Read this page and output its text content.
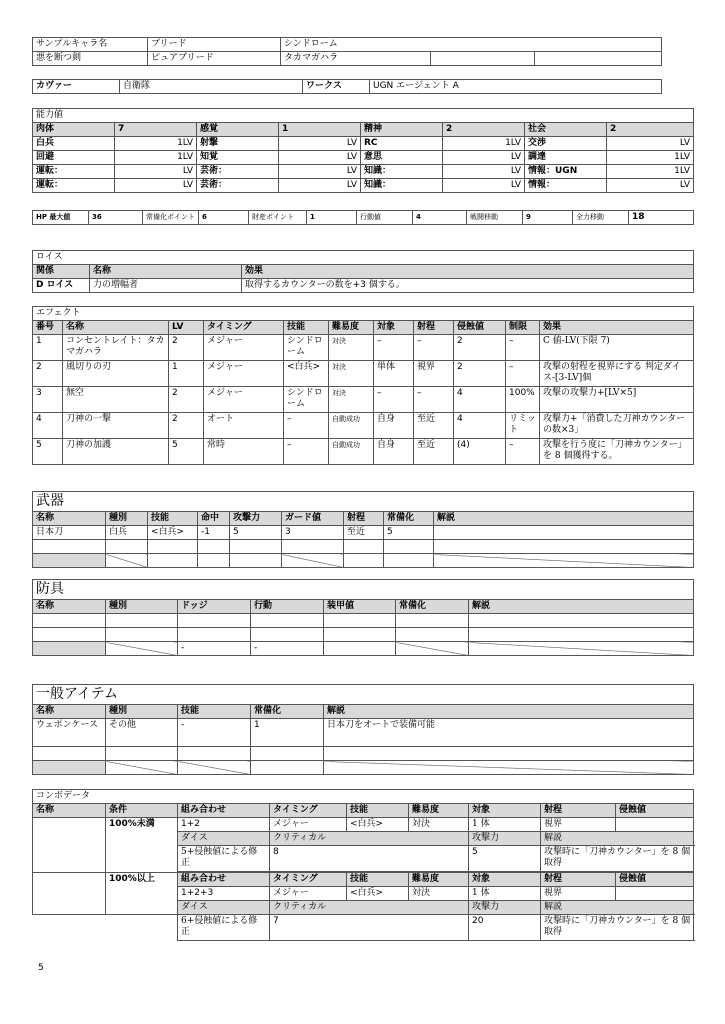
サンプルキャラ名	ブリード	シンドローム		
悪を断つ剣	ピュアブリード	タカマガハラ		
カヴァー	自衛隊	ワークス	UGN エージェント A
能力値							
肉体	7	感覚	1	精神	2	社会	2
白兵	1LV	射撃	LV	RC	1LV	交渉	LV
回避	1LV	知覚	LV	意思	LV	調達	1LV
運転：	LV	芸術：	LV	知識：	LV	情報：UGN	1LV
運転：	LV	芸術：	LV	知識：	LV	情報：	LV
HP 最大値	36	常備化ポイント	6	財産ポイント	1	行動値	4	戦闘移動	9	全力移動	18
ロイス		
関係	名称	効果
D ロイス	力の増幅者	取得するカウンターの数を+3 個する。
エフェクト										
番号	名称	LV	タイミング	技能	難易度	対象	射程	侵蝕値	制限	効果
1	コンセントレイト：タカマガハラ	2	メジャー	シンドローム	対決	–	–	2	–	C 値-LV(下限 7)
2	風切りの刃	1	メジャー	<白兵>	対決	単体	視界	2	–	攻撃の射程を視界にする 判定ダイス-[3-LV]個
3	無空	2	メジャー	シンドローム	対決	–	–	4	100%	攻撃の攻撃力+[LV×5]
4	刀神の一撃	2	オート	–	自動成功	自身	至近	4	リミット	攻撃力+「消費した刀神カウンターの数×3」
5	刀神の加護	5	常時	–	自動成功	自身	至近	(4)	–	攻撃を行う度に「刀神カウンター」を 8 個獲得する。
武器								
名称	種別	技能	命中	攻撃力	ガード値	射程	常備化	解説
日本刀	白兵	<白兵>	-1	5	3	至近	5	

防具						
名称	種別	ドッジ	行動	装甲値	常備化	解説

		-	-			
一般アイテム				
名称	種別	技能	常備化	解説
ウェポンケース	その他	-	1	日本刀をオートで装備可能

コンボデータ								
名称	条件	組み合わせ	タイミング	技能	難易度	対象	射程	侵蝕値
	100%未満	1+2	メジャー	<白兵>	対決	1 体	視界	
		ダイス	クリティカル			攻撃力	解説	
		5+侵蝕値による修正	8			5	攻撃時に「刀神カウンター」を 8 個取得	

	100%以上	組み合わせ	タイミング	技能	難易度	対象	射程	侵蝕値
		1+2+3	メジャー	<白兵>	対決	1 体	視界	
		ダイス	クリティカル			攻撃力	解説	
		6+侵蝕値による修正	7			20	攻撃時に「刀神カウンター」を 8 個取得	
5
